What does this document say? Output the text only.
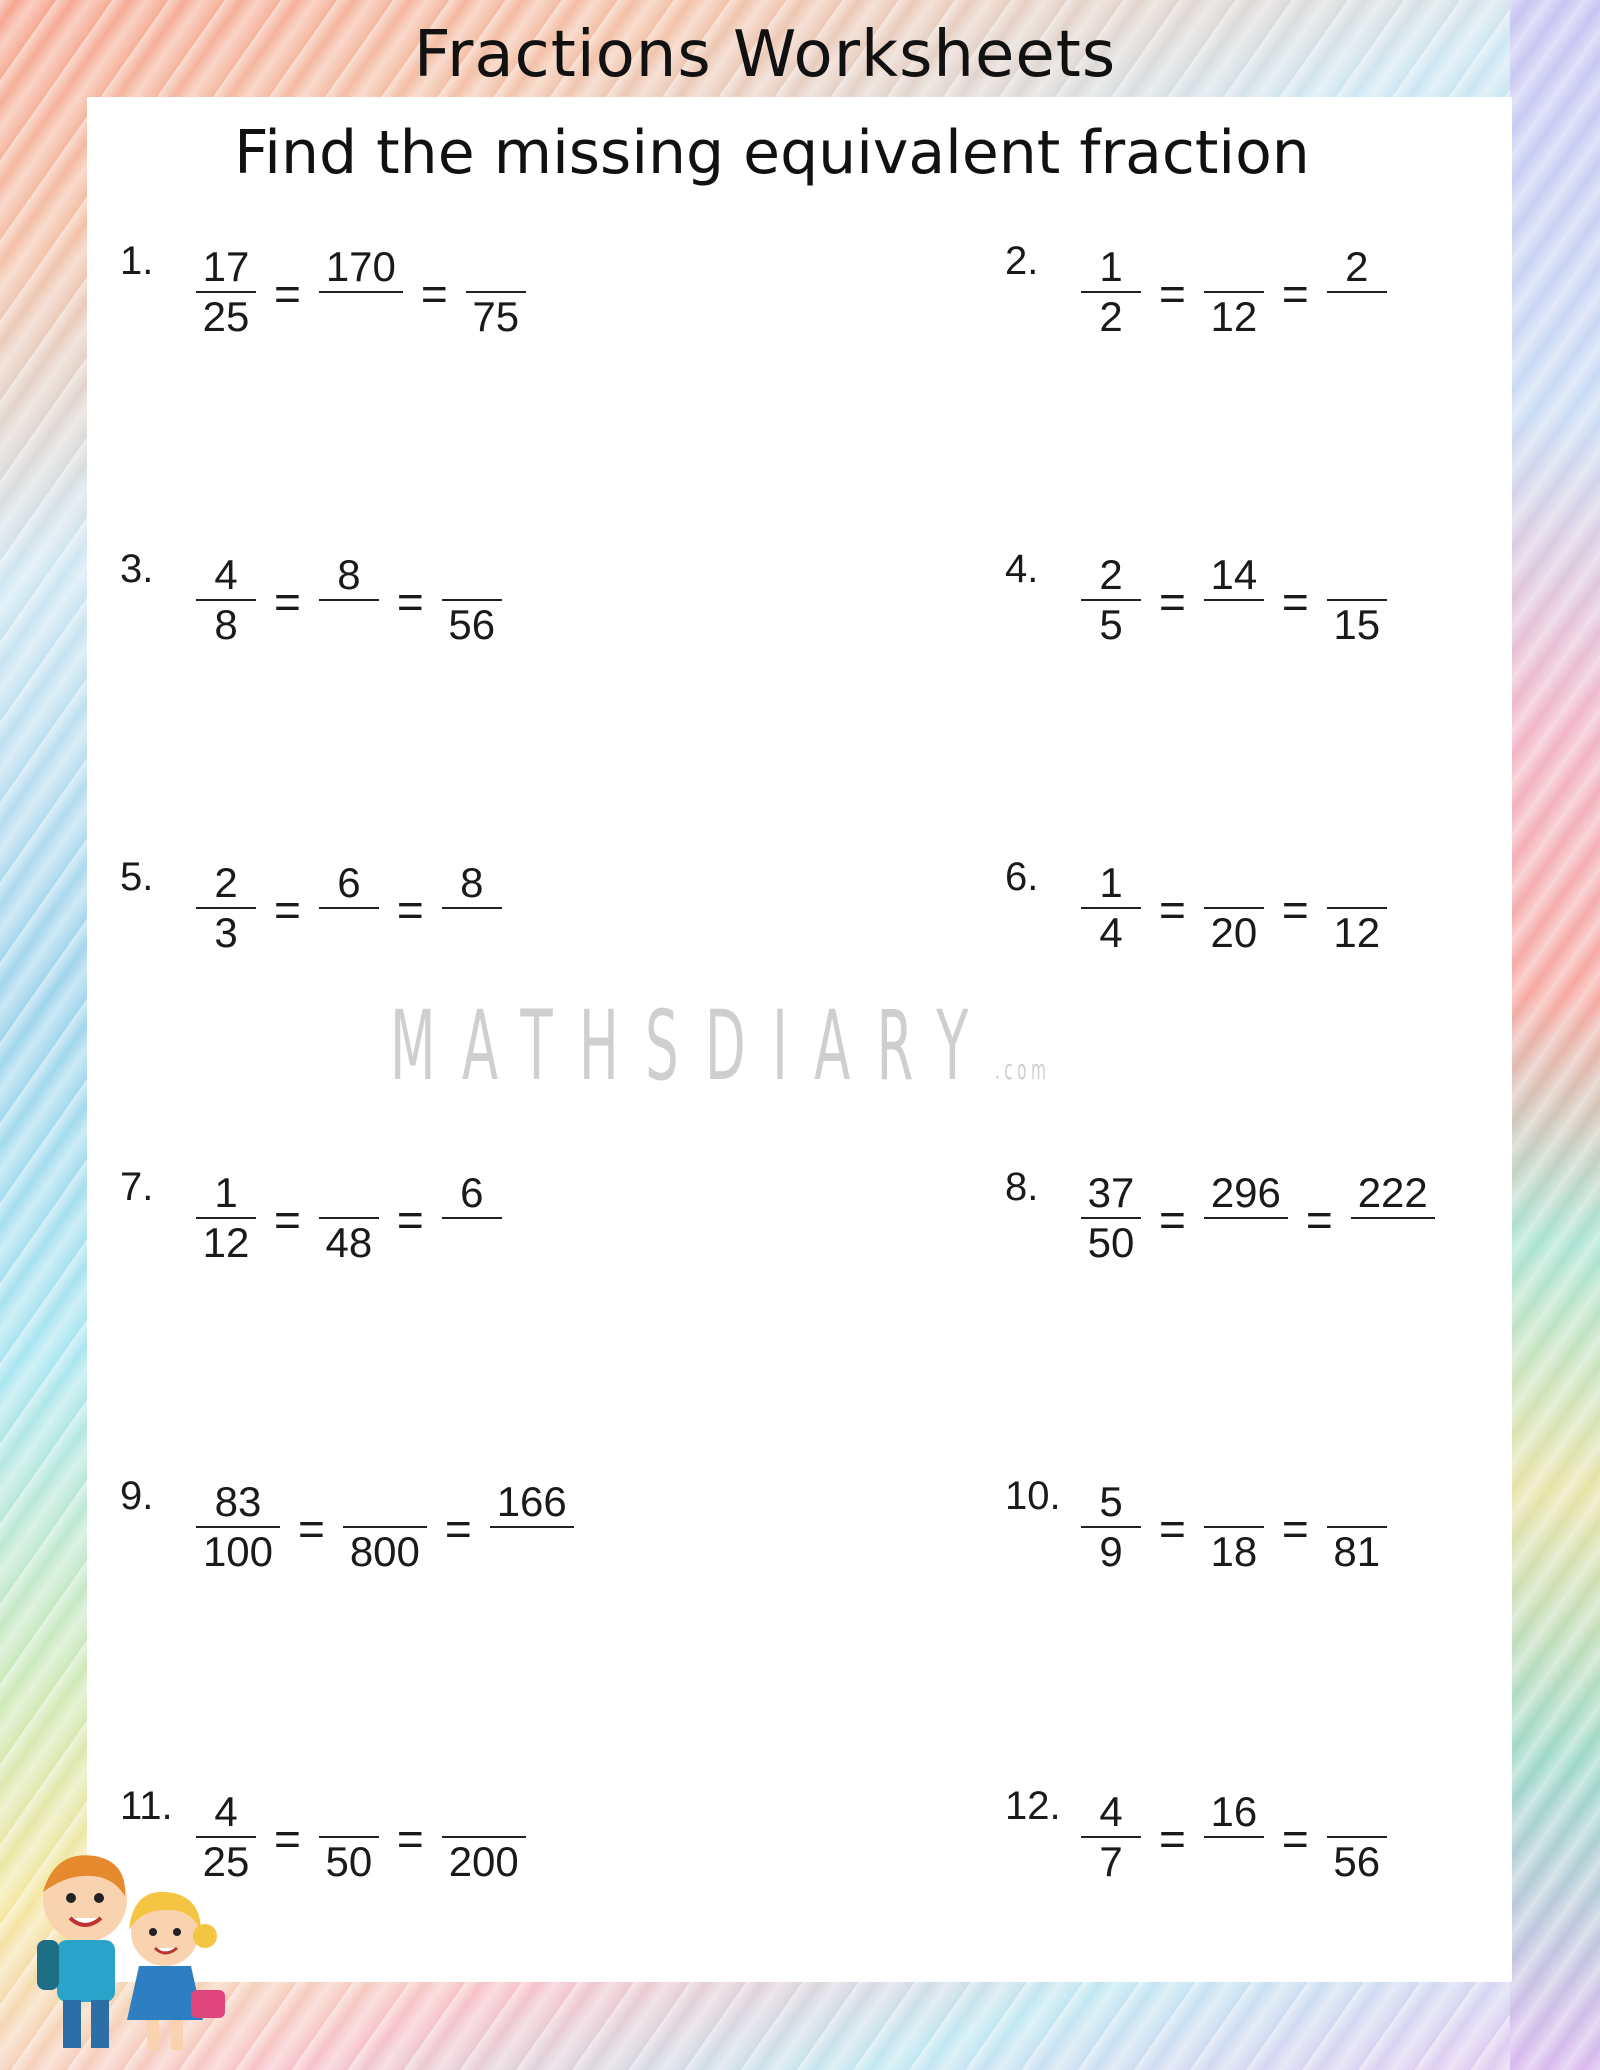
Fractions Worksheets
Find the missing equivalent fraction
MATHSDIARY.com
1. $\frac{17}{25}$ =
170
= 75
2. $\frac{1}{2} = 12$ =
2
3. $\frac{4}{8}$ =
8
= 56
4. $\frac{2}{5}$ =
14
= 15
5. $\frac{2}{3}$ =
6
=
8	6. $\frac{1}{4} = 20 = 12$
7. $\frac{1}{12} = 48$ =
6	8. $\frac{37}{50}$ =
296
=
222
9. $\frac{83}{100} = 800$ =
166	10. $\frac{5}{9} = 18 = 81$
11. $\frac{4}{25} = 50 = 200$
12. $\frac{4}{7}$ =
16
= 56
